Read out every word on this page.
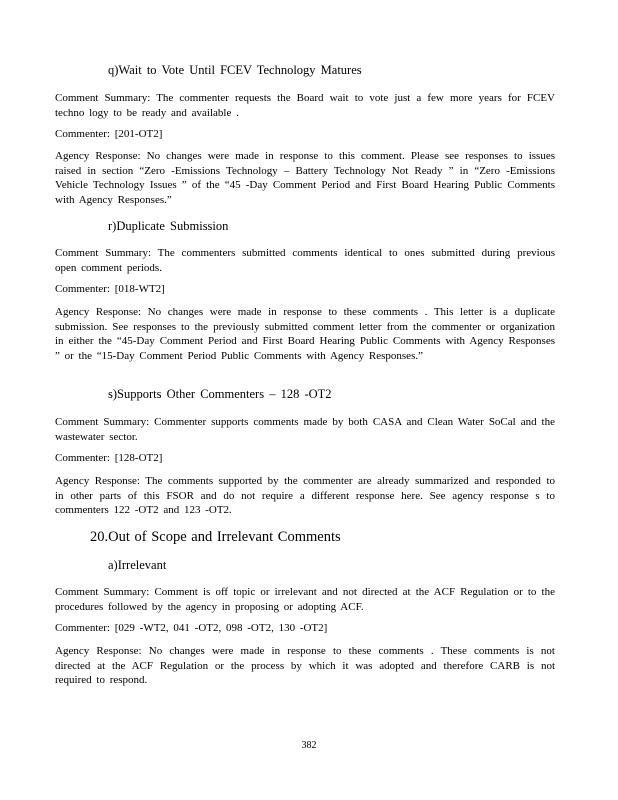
q)Wait to Vote Until FCEV Technology Matures

Comment Summary: The commenter requests the Board wait to vote just a few more years for FCEV techno logy to be ready and available .

Commenter: [201-OT2]

Agency Response: No changes were made in response to this comment. Please see responses to issues raised in section “Zero -Emissions Technology – Battery Technology Not Ready ” in “Zero -Emissions Vehicle Technology Issues ” of the “45 -Day Comment Period and First Board Hearing Public Comments with Agency Responses.”

r)Duplicate Submission

Comment Summary: The commenters submitted comments identical to ones submitted during previous open comment periods.

Commenter: [018-WT2]

Agency Response: No changes were made in response to these comments . This letter is a duplicate submission. See responses to the previously submitted comment letter from the commenter or organization in either the “45-Day Comment Period and First Board Hearing Public Comments with Agency Responses ” or the “15-Day Comment Period Public Comments with Agency Responses.”

s)Supports Other Commenters – 128 -OT2

Comment Summary: Commenter supports comments made by both CASA and Clean Water SoCal and the wastewater sector.

Commenter: [128-OT2]

Agency Response: The comments supported by the commenter are already summarized and responded to in other parts of this FSOR and do not require a different response here. See agency response s to commenters 122 -OT2 and 123 -OT2.

20.Out of Scope and Irrelevant Comments
a)Irrelevant

Comment Summary: Comment is off topic or irrelevant and not directed at the ACF Regulation or to the procedures followed by the agency in proposing or adopting ACF.

Commenter: [029 -WT2, 041 -OT2, 098 -OT2, 130 -OT2]

Agency Response: No changes were made in response to these comments . These comments is not directed at the ACF Regulation or the process by which it was adopted and therefore CARB is not required to respond.

382
